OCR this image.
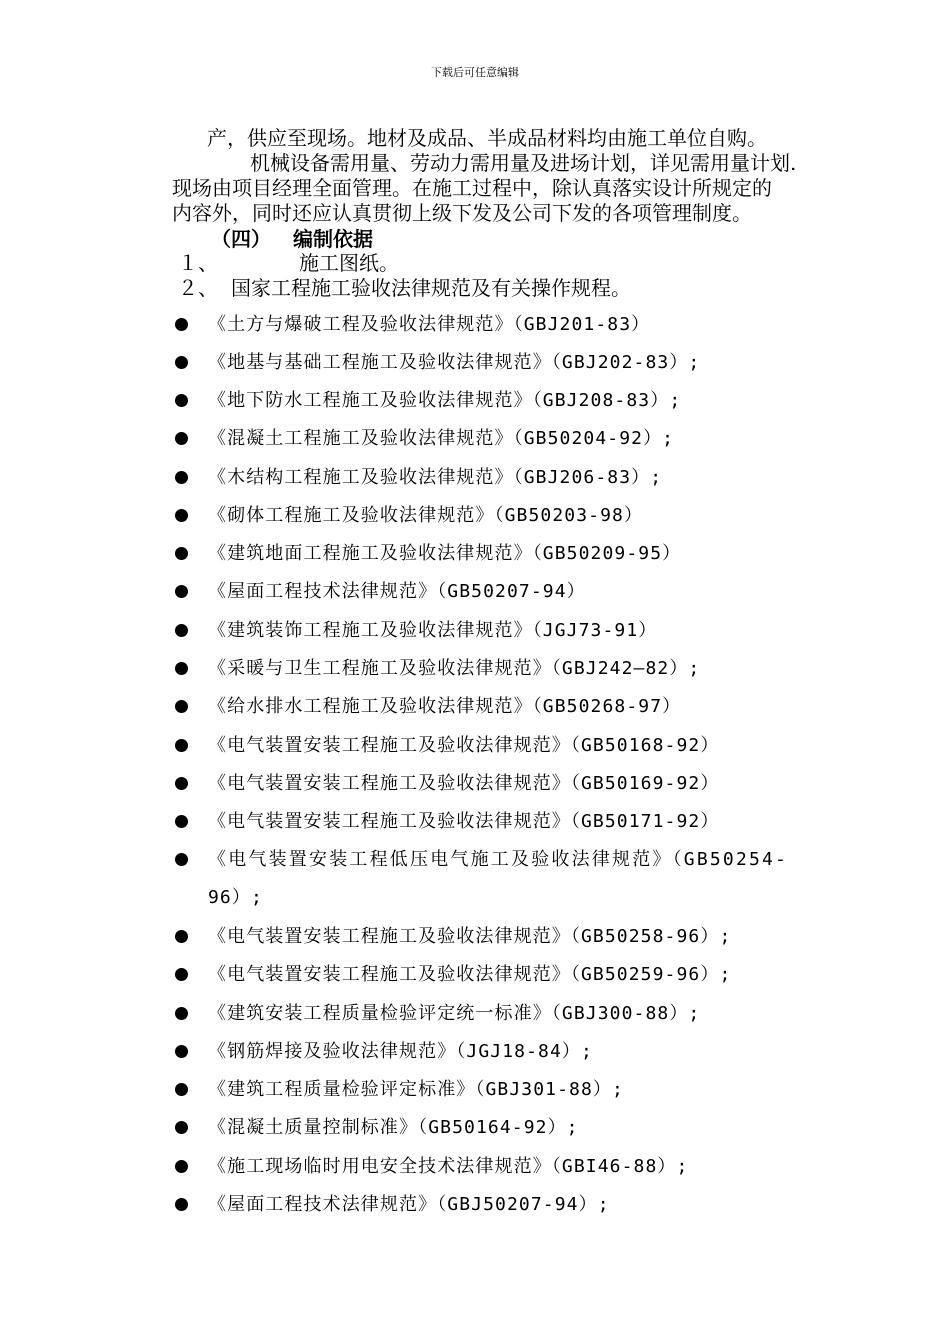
下载后可任意编辑
产，供应至现场。地材及成品、半成品材料均由施工单位自购。
机械设备需用量、劳动力需用量及进场计划，详见需用量计划.
现场由项目经理全面管理。在施工过程中，除认真落实设计所规定的
内容外，同时还应认真贯彻上级下发及公司下发的各项管理制度。
（四） 编制依据
１、	施工图纸。
２、 国家工程施工验收法律规范及有关操作规程。
《土方与爆破工程及验收法律规范》（GBJ201-83）
《地基与基础工程施工及验收法律规范》（GBJ202-83）;
《地下防水工程施工及验收法律规范》（GBJ208-83）;
《混凝土工程施工及验收法律规范》（GB50204-92）;
《木结构工程施工及验收法律规范》（GBJ206-83）;
《砌体工程施工及验收法律规范》（GB50203-98）
《建筑地面工程施工及验收法律规范》（GB50209-95）
《屋面工程技术法律规范》（GB50207-94）
《建筑装饰工程施工及验收法律规范》（JGJ73-91）
《采暖与卫生工程施工及验收法律规范》（GBJ242—82）;
《给水排水工程施工及验收法律规范》（GB50268-97）
《电气装置安装工程施工及验收法律规范》（GB50168-92）
《电气装置安装工程施工及验收法律规范》（GB50169-92）
《电气装置安装工程施工及验收法律规范》（GB50171-92）
《电气装置安装工程低压电气施工及验收法律规范》（GB50254-
96）;
《电气装置安装工程施工及验收法律规范》（GB50258-96）;
《电气装置安装工程施工及验收法律规范》（GB50259-96）;
《建筑安装工程质量检验评定统一标准》（GBJ300-88）;
《钢筋焊接及验收法律规范》（JGJ18-84）;
《建筑工程质量检验评定标准》（GBJ301-88）;
《混凝土质量控制标准》（GB50164-92）;
《施工现场临时用电安全技术法律规范》（GBI46-88）;
《屋面工程技术法律规范》（GBJ50207-94）;
